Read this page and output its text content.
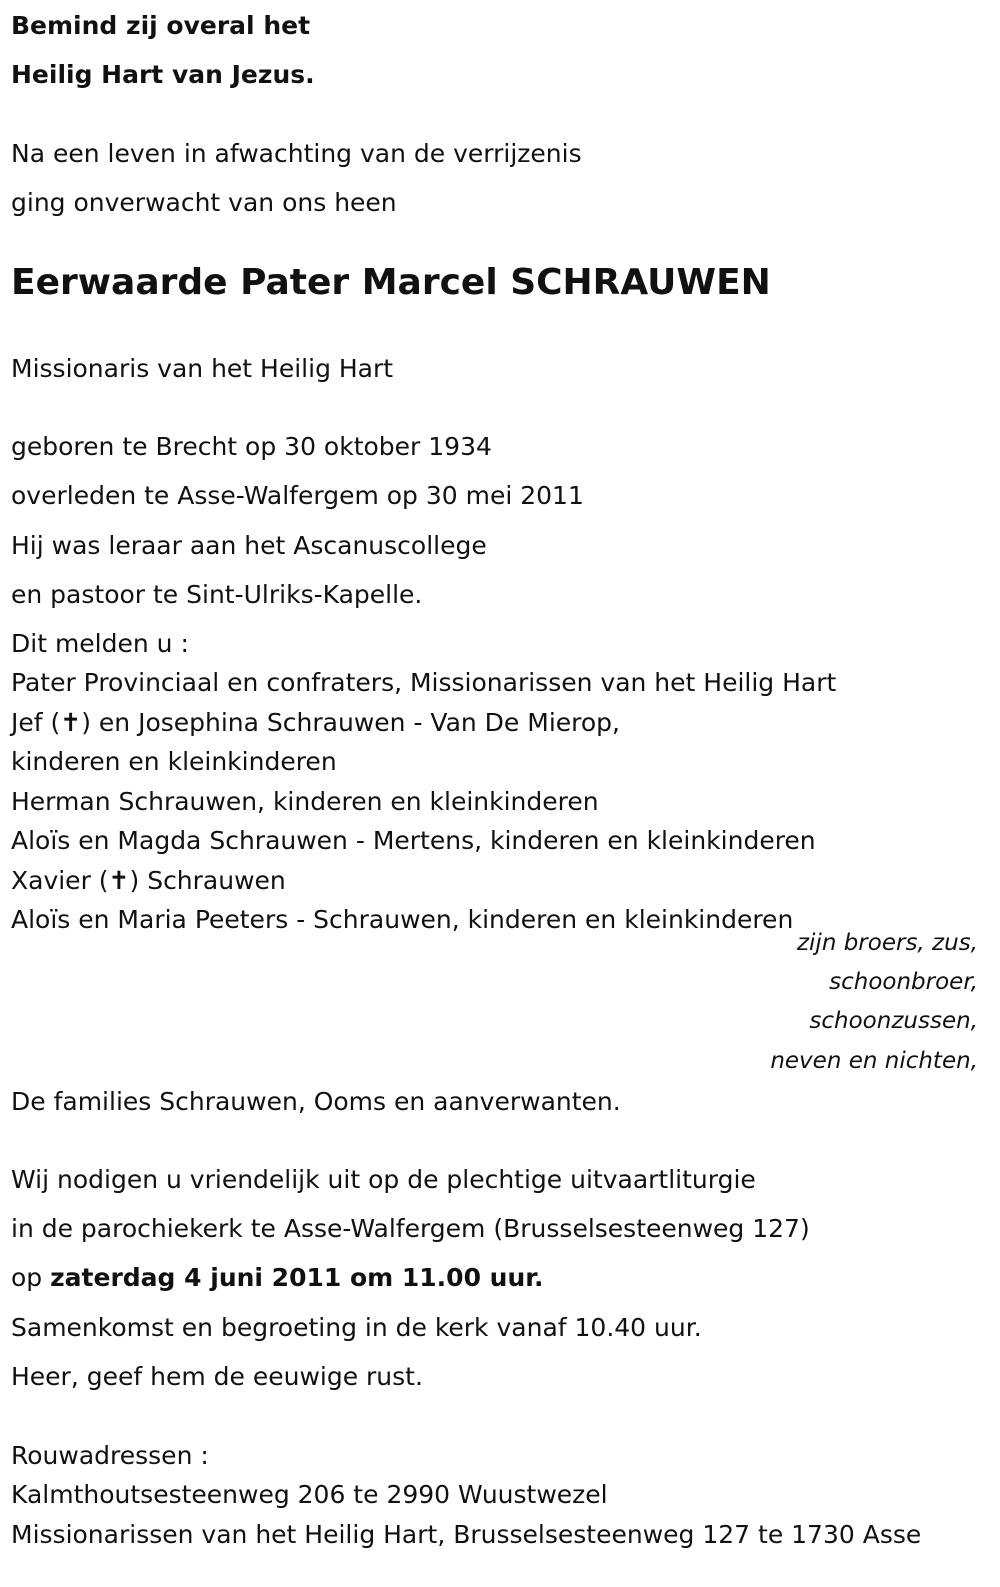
Bemind zij overal het
Heilig Hart van Jezus.
Na een leven in afwachting van de verrijzenis
ging onverwacht van ons heen
Eerwaarde Pater Marcel SCHRAUWEN
Missionaris van het Heilig Hart
geboren te Brecht op 30 oktober 1934
overleden te Asse-Walfergem op 30 mei 2011
Hij was leraar aan het Ascanuscollege
en pastoor te Sint-Ulriks-Kapelle.
Dit melden u :
Pater Provinciaal en confraters, Missionarissen van het Heilig Hart
Jef (✝) en Josephina Schrauwen - Van De Mierop,
kinderen en kleinkinderen
Herman Schrauwen, kinderen en kleinkinderen
Aloïs en Magda Schrauwen - Mertens, kinderen en kleinkinderen
Xavier (✝) Schrauwen
Aloïs en Maria Peeters - Schrauwen, kinderen en kleinkinderen
zijn broers, zus,
schoonbroer,
schoonzussen,
neven en nichten,
De families Schrauwen, Ooms en aanverwanten.
Wij nodigen u vriendelijk uit op de plechtige uitvaartliturgie
in de parochiekerk te Asse-Walfergem (Brusselsesteenweg 127)
op zaterdag 4 juni 2011 om 11.00 uur.
Samenkomst en begroeting in de kerk vanaf 10.40 uur.
Heer, geef hem de eeuwige rust.
Rouwadressen :
Kalmthoutsesteenweg 206 te 2990 Wuustwezel
Missionarissen van het Heilig Hart, Brusselsesteenweg 127 te 1730 Asse
